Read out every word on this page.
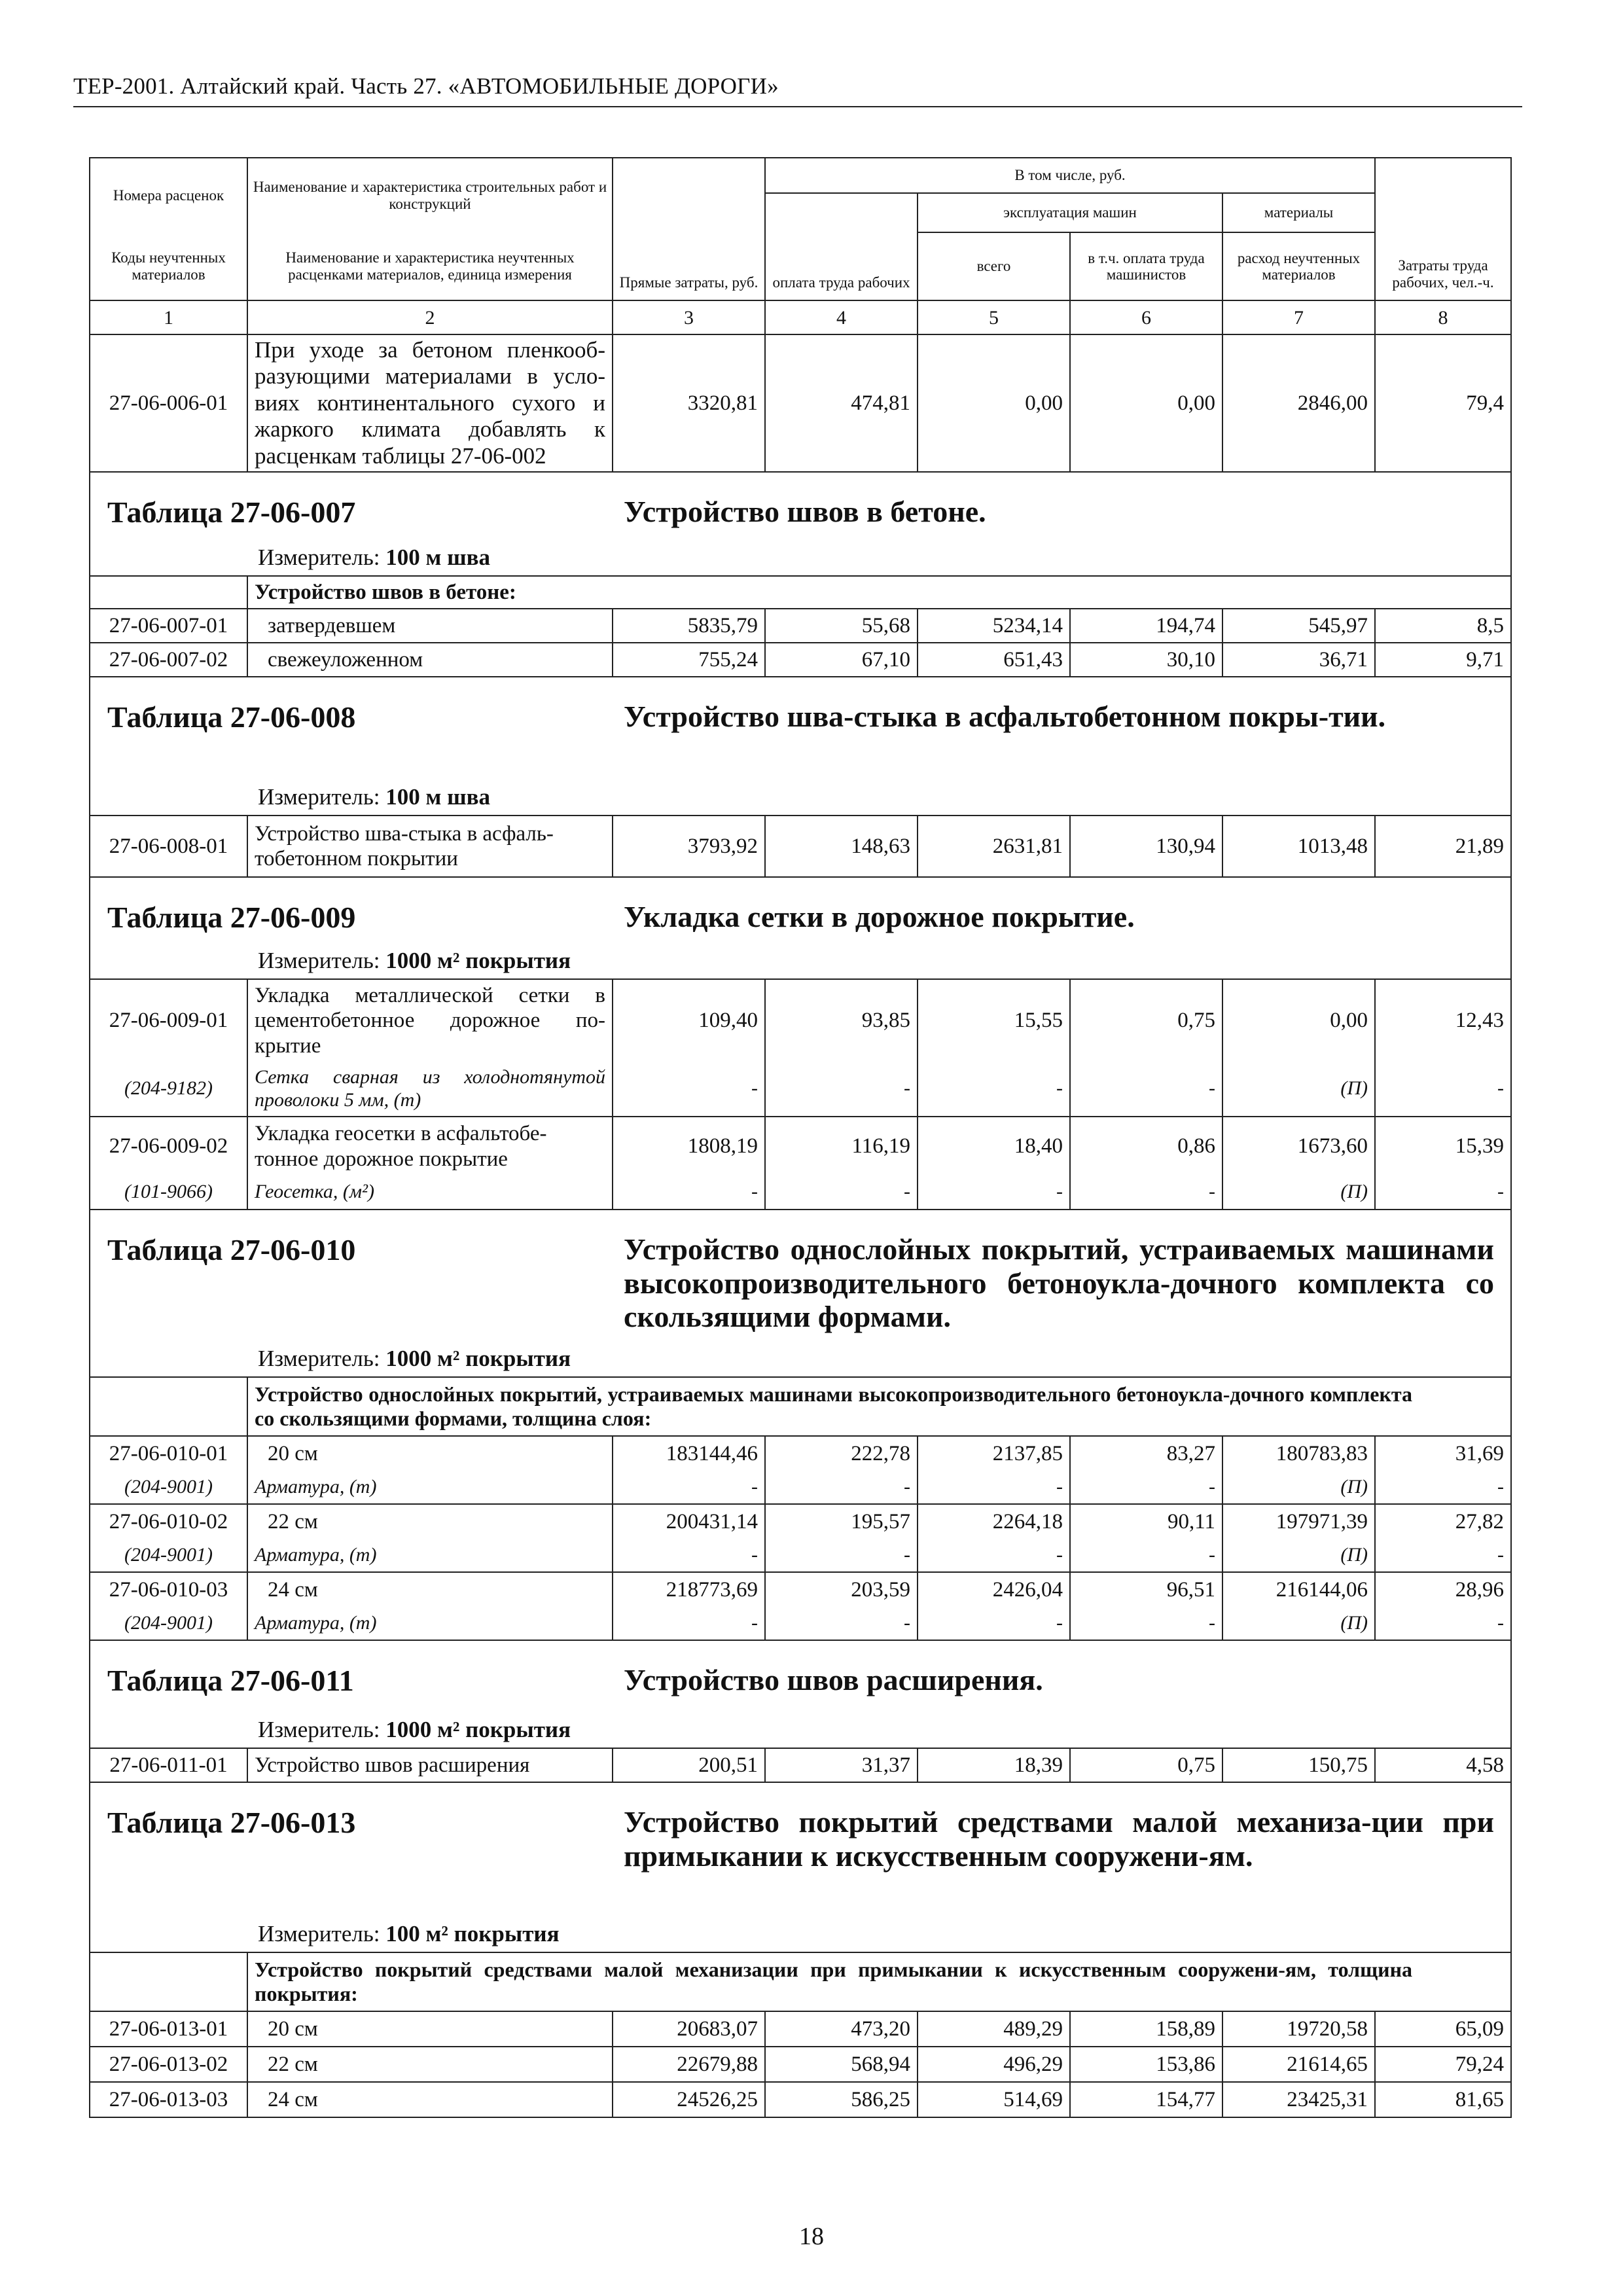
ТЕР-2001. Алтайский край. Часть 27. «АВТОМОБИЛЬНЫЕ ДОРОГИ»
Номера расценок	Наименование и характеристика строительных работ и конструкций	Прямые затраты, руб.	В том числе, руб.				Затраты труда рабочих, чел.-ч.
			оплата труда рабочих	эксплуатация машин		материалы	
Коды неучтенных материалов	Наименование и характеристика неучтенных расценками материалов, единица измерения			всего	в т.ч. оплата труда машинистов	расход неучтенных материалов	

1	2	3	4	5	6	7	8
27-06-006-01	При уходе за бетоном пленкооб-разующими материалами в усло-виях континентального сухого и жаркого климата добавлять к расценкам таблицы 27-06-002	3320,81	474,81	0,00	0,00	2846,00	79,4

Таблица 27-06-007 Устройство швов в бетоне.
Измеритель: 100 м шва							

	Устройство швов в бетоне:						
27-06-007-01	затвердевшем	5835,79	55,68	5234,14	194,74	545,97	8,5
27-06-007-02	свежеуложенном	755,24	67,10	651,43	30,10	36,71	9,71

Таблица 27-06-008 Устройство шва-стыка в асфальтобетонном покры-тии.
Измеритель: 100 м шва							

27-06-008-01	Устройство шва-стыка в асфаль-тобетонном покрытии	3793,92	148,63	2631,81	130,94	1013,48	21,89

Таблица 27-06-009 Укладка сетки в дорожное покрытие.
Измеритель: 1000 м² покрытия							

27-06-009-01	Укладка металлической сетки в цементобетонное дорожное по-крытие	109,40	93,85	15,55	0,75	0,00	12,43
(204-9182)	Сетка сварная из холоднотянутой проволоки 5 мм, (т)	-	-	-	-	(П)	-
27-06-009-02	Укладка геосетки в асфальтобе-тонное дорожное покрытие	1808,19	116,19	18,40	0,86	1673,60	15,39
(101-9066)	Геосетка, (м²)	-	-	-	-	(П)	-

Таблица 27-06-010 Устройство однослойных покрытий, устраиваемых машинами высокопроизводительного бетоноукла-дочного комплекта со скользящими формами.
Измеритель: 1000 м² покрытия							

	Устройство однослойных покрытий, устраиваемых машинами высокопроизводительного бетоноукла-дочного комплекта со скользящими формами, толщина слоя:						
27-06-010-01	20 см	183144,46	222,78	2137,85	83,27	180783,83	31,69
(204-9001)	Арматура, (т)	-	-	-	-	(П)	-
27-06-010-02	22 см	200431,14	195,57	2264,18	90,11	197971,39	27,82
(204-9001)	Арматура, (т)	-	-	-	-	(П)	-
27-06-010-03	24 см	218773,69	203,59	2426,04	96,51	216144,06	28,96
(204-9001)	Арматура, (т)	-	-	-	-	(П)	-

Таблица 27-06-011 Устройство швов расширения.
Измеритель: 1000 м² покрытия							

27-06-011-01	Устройство швов расширения	200,51	31,37	18,39	0,75	150,75	4,58

Таблица 27-06-013 Устройство покрытий средствами малой механиза-ции при примыкании к искусственным сооружени-ям.
Измеритель: 100 м² покрытия							

	Устройство покрытий средствами малой механизации при примыкании к искусственным сооружени-ям, толщина покрытия:						
27-06-013-01	20 см	20683,07	473,20	489,29	158,89	19720,58	65,09
27-06-013-02	22 см	22679,88	568,94	496,29	153,86	21614,65	79,24
27-06-013-03	24 см	24526,25	586,25	514,69	154,77	23425,31	81,65
18
